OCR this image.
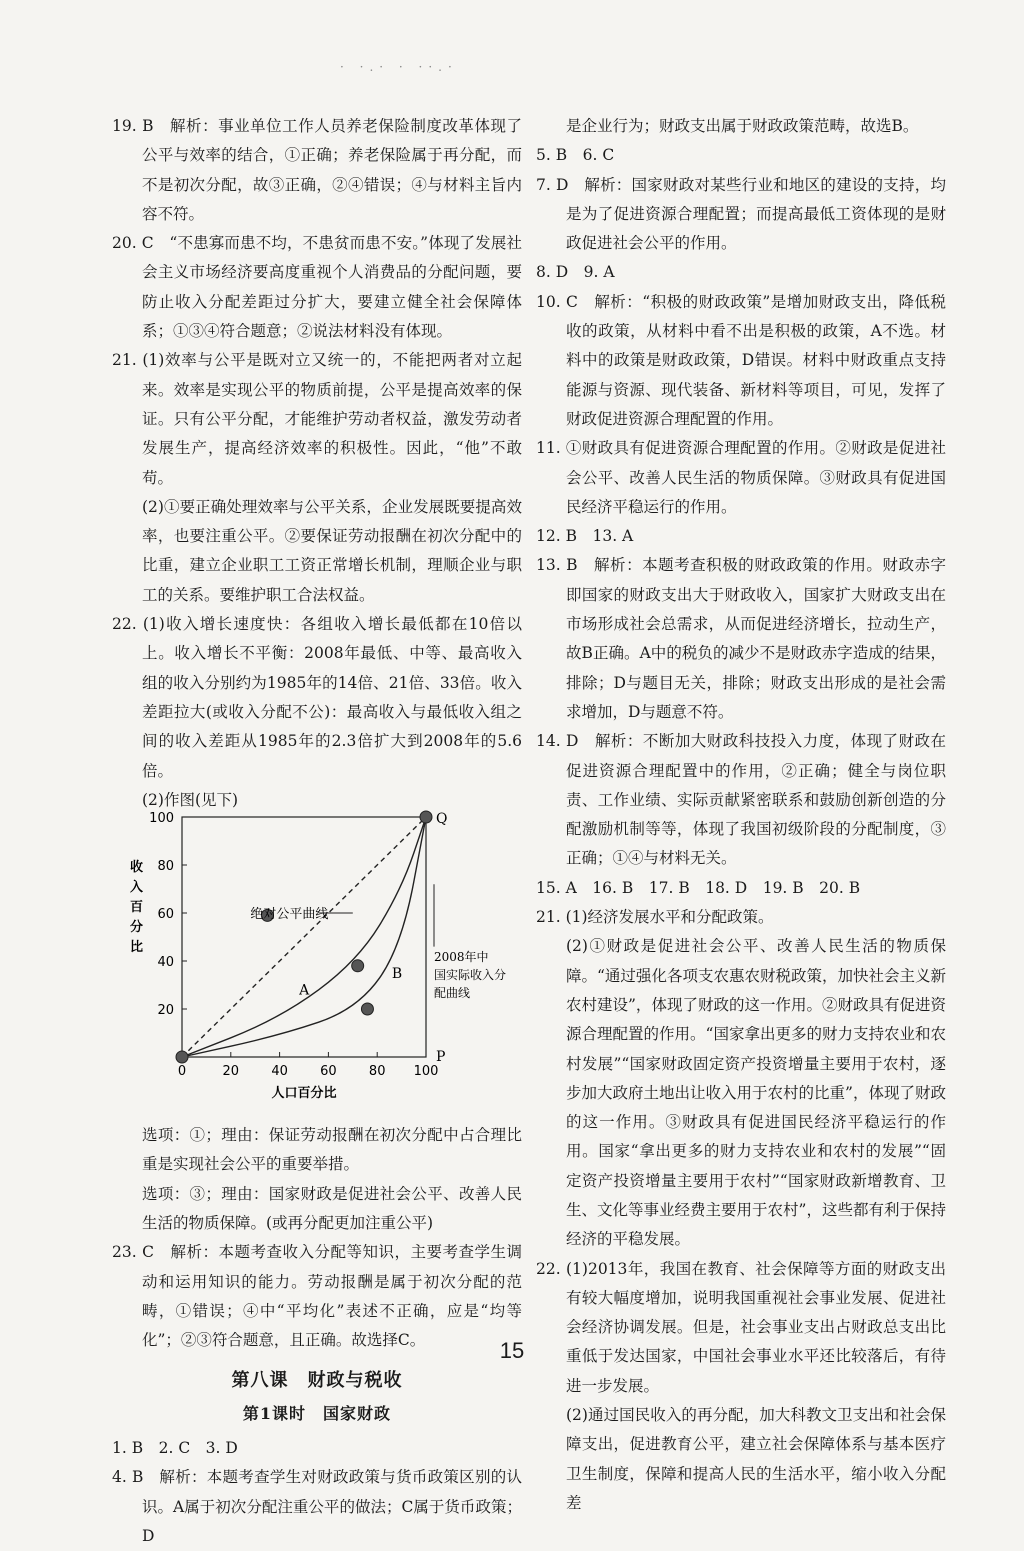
· ·.· · ··.·

19. B　解析：事业单位工作人员养老保险制度改革体现了公平与效率的结合，①正确；养老保险属于再分配，而不是初次分配，故③正确，②④错误；④与材料主旨内容不符。

20. C　“不患寡而患不均，不患贫而患不安。”体现了发展社会主义市场经济要高度重视个人消费品的分配问题，要防止收入分配差距过分扩大，要建立健全社会保障体系；①③④符合题意；②说法材料没有体现。

21. (1)效率与公平是既对立又统一的，不能把两者对立起来。效率是实现公平的物质前提，公平是提高效率的保证。只有公平分配，才能维护劳动者权益，激发劳动者发展生产，提高经济效率的积极性。因此，“他”不敢苟。

(2)①要正确处理效率与公平关系，企业发展既要提高效率，也要注重公平。②要保证劳动报酬在初次分配中的比重，建立企业职工工资正常增长机制，理顺企业与职工的关系。要维护职工合法权益。

22. (1)收入增长速度快：各组收入增长最低都在10倍以上。收入增长不平衡：2008年最低、中等、最高收入组的收入分别约为1985年的14倍、21倍、33倍。收入差距拉大(或收入分配不公)：最高收入与最低收入组之间的收入差距从1985年的2.3倍扩大到2008年的5.6倍。

(2)作图(见下)

0	20 40 60 80 100
20
40
60
80
100
收
入
百
分
比
人口百分比
绝对公平曲线
2008年中
国实际收入分
配曲线
A
B
Q
P

选项：①；理由：保证劳动报酬在初次分配中占合理比重是实现社会公平的重要举措。

选项：③；理由：国家财政是促进社会公平、改善人民生活的物质保障。(或再分配更加注重公平)

23. C　解析：本题考查收入分配等知识，主要考查学生调动和运用知识的能力。劳动报酬是属于初次分配的范畴，①错误；④中“平均化”表述不正确，应是“均等化”；②③符合题意，且正确。故选择C。

第八课　财政与税收
第1课时　国家财政

1. B　2. C　3. D

4. B　解析：本题考查学生对财政政策与货币政策区别的认识。A属于初次分配注重公平的做法；C属于货币政策；D

是企业行为；财政支出属于财政政策范畴，故选B。

5. B　6. C

7. D　解析：国家财政对某些行业和地区的建设的支持，均是为了促进资源合理配置；而提高最低工资体现的是财政促进社会公平的作用。

8. D　9. A

10. C　解析：“积极的财政政策”是增加财政支出，降低税收的政策，从材料中看不出是积极的政策，A不选。材料中的政策是财政政策，D错误。材料中财政重点支持能源与资源、现代装备、新材料等项目，可见，发挥了财政促进资源合理配置的作用。

11. ①财政具有促进资源合理配置的作用。②财政是促进社会公平、改善人民生活的物质保障。③财政具有促进国民经济平稳运行的作用。

12. B　13. A

13. B　解析：本题考查积极的财政政策的作用。财政赤字即国家的财政支出大于财政收入，国家扩大财政支出在市场形成社会总需求，从而促进经济增长，拉动生产，故B正确。A中的税负的减少不是财政赤字造成的结果，排除；D与题目无关，排除；财政支出形成的是社会需求增加，D与题意不符。

14. D　解析：不断加大财政科技投入力度，体现了财政在促进资源合理配置中的作用，②正确；健全与岗位职责、工作业绩、实际贡献紧密联系和鼓励创新创造的分配激励机制等等，体现了我国初级阶段的分配制度，③正确；①④与材料无关。

15. A　16. B　17. B　18. D　19. B　20. B

21. (1)经济发展水平和分配政策。

(2)①财政是促进社会公平、改善人民生活的物质保障。“通过强化各项支农惠农财税政策，加快社会主义新农村建设”，体现了财政的这一作用。②财政具有促进资源合理配置的作用。“国家拿出更多的财力支持农业和农村发展”“国家财政固定资产投资增量主要用于农村，逐步加大政府土地出让收入用于农村的比重”，体现了财政的这一作用。③财政具有促进国民经济平稳运行的作用。国家“拿出更多的财力支持农业和农村的发展”“固定资产投资增量主要用于农村”“国家财政新增教育、卫生、文化等事业经费主要用于农村”，这些都有利于保持经济的平稳发展。

22. (1)2013年，我国在教育、社会保障等方面的财政支出有较大幅度增加，说明我国重视社会事业发展、促进社会经济协调发展。但是，社会事业支出占财政总支出比重低于发达国家，中国社会事业水平还比较落后，有待进一步发展。

(2)通过国民收入的再分配，加大科教文卫支出和社会保障支出，促进教育公平，建立社会保障体系与基本医疗卫生制度，保障和提高人民的生活水平，缩小收入分配差

15
